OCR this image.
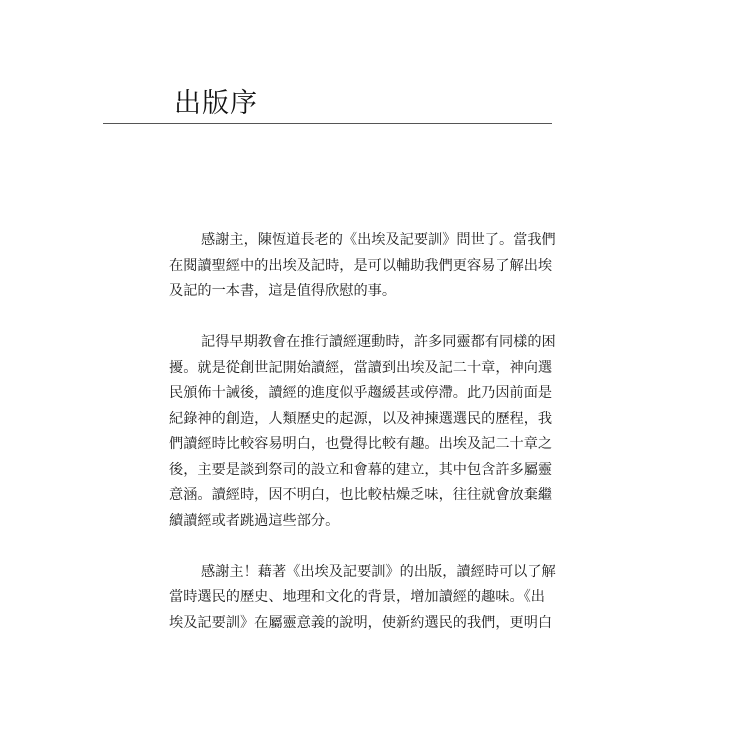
出版序

感謝主，陳恆道長老的《出埃及記要訓》問世了。當我們
在閱讀聖經中的出埃及記時，是可以輔助我們更容易了解出埃
及記的一本書，這是值得欣慰的事。

記得早期教會在推行讀經運動時，許多同靈都有同樣的困
擾。就是從創世記開始讀經，當讀到出埃及記二十章，神向選
民頒佈十誡後，讀經的進度似乎趨緩甚或停滯。此乃因前面是
紀錄神的創造，人類歷史的起源，以及神揀選選民的歷程，我
們讀經時比較容易明白，也覺得比較有趣。出埃及記二十章之
後，主要是談到祭司的設立和會幕的建立，其中包含許多屬靈
意涵。讀經時，因不明白，也比較枯燥乏味，往往就會放棄繼
續讀經或者跳過這些部分。

感謝主！藉著《出埃及記要訓》的出版，讀經時可以了解
當時選民的歷史、地理和文化的背景，增加讀經的趣味。《出
埃及記要訓》在屬靈意義的說明，使新約選民的我們，更明白
